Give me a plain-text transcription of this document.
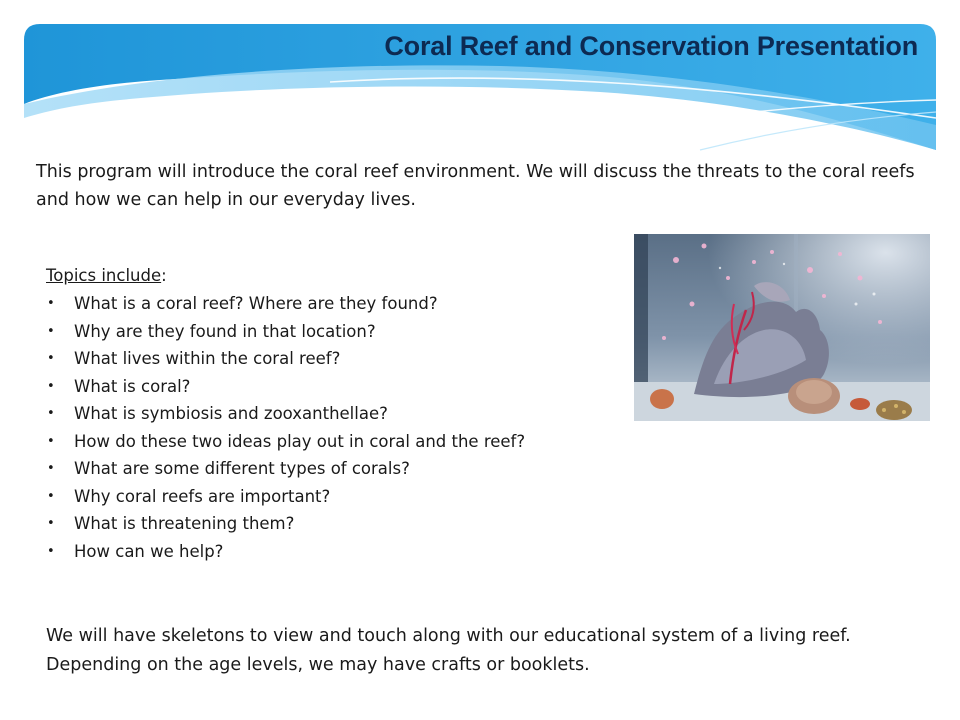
Coral Reef and Conservation Presentation
This program will introduce the coral reef environment. We will discuss the threats to the coral reefs and how we can help in our everyday lives.
Topics include:
• What is a coral reef? Where are they found?
• Why are they found in that location?
• What lives within the coral reef?
• What is coral?
• What is symbiosis and zooxanthellae?
• How do these two ideas play out in coral and the reef?
• What are some different types of corals?
• Why coral reefs are important?
• What is threatening them?
• How can we help?
We will have skeletons to view and touch along with our educational system of a living reef. Depending on the age levels, we may have crafts or booklets.
